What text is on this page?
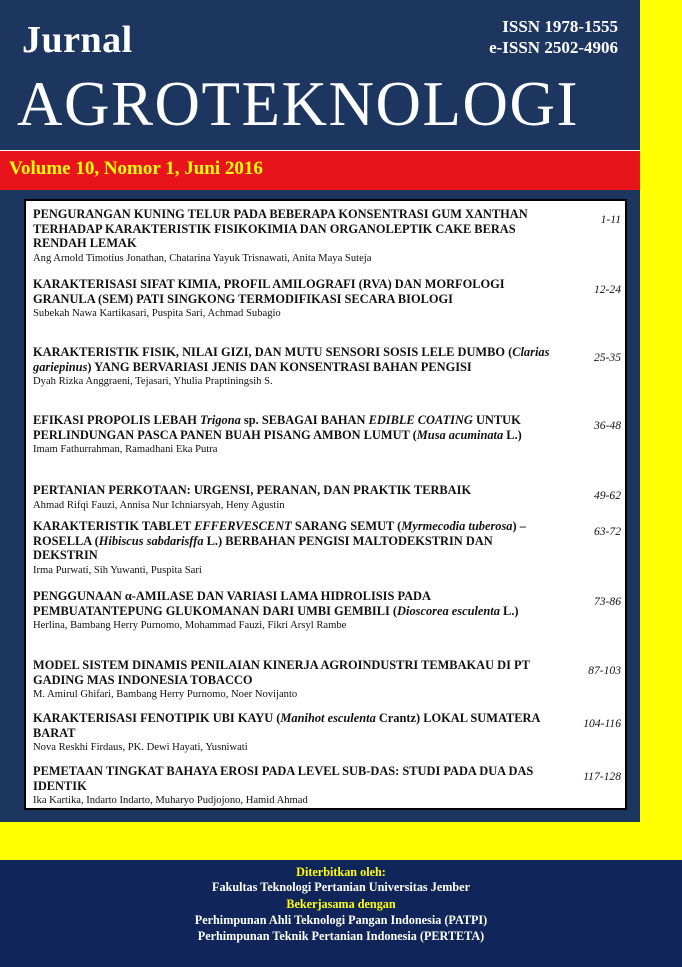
Jurnal
AGROTEKNOLOGI
ISSN 1978-1555
e-ISSN 2502-4906
Volume 10, Nomor 1, Juni 2016
PENGURANGAN KUNING TELUR PADA BEBERAPA KONSENTRASI GUM XANTHAN TERHADAP KARAKTERISTIK FISIKOKIMIA DAN ORGANOLEPTIK CAKE BERAS RENDAH LEMAK
Ang Arnold Timotius Jonathan, Chatarina Yayuk Trisnawati, Anita Maya Suteja
1-11
KARAKTERISASI SIFAT KIMIA, PROFIL AMILOGRAFI (RVA) DAN MORFOLOGI GRANULA (SEM) PATI SINGKONG TERMODIFIKASI SECARA BIOLOGI
Subekah Nawa Kartikasari, Puspita Sari, Achmad Subagio
12-24
KARAKTERISTIK FISIK, NILAI GIZI, DAN MUTU SENSORI SOSIS LELE DUMBO (Clarias gariepinus) YANG BERVARIASI JENIS DAN KONSENTRASI BAHAN PENGISI
Dyah Rizka Anggraeni, Tejasari, Yhulia Praptiningsih S.
25-35
EFIKASI PROPOLIS LEBAH Trigona sp. SEBAGAI BAHAN EDIBLE COATING UNTUK PERLINDUNGAN PASCA PANEN BUAH PISANG AMBON LUMUT (Musa acuminata L.)
Imam Fathurrahman, Ramadhani Eka Putra
36-48
PERTANIAN PERKOTAAN: URGENSI, PERANAN, DAN PRAKTIK TERBAIK
Ahmad Rifqi Fauzi, Annisa Nur Ichniarsyah, Heny Agustin
49-62
KARAKTERISTIK TABLET EFFERVESCENT SARANG SEMUT (Myrmecodia tuberosa) – ROSELLA (Hibiscus sabdarisffa L.) BERBAHAN PENGISI MALTODEKSTRIN DAN DEKSTRIN
Irma Purwati, Sih Yuwanti, Puspita Sari
63-72
PENGGUNAAN α-AMILASE DAN VARIASI LAMA HIDROLISIS PADA PEMBUATANTEPUNG GLUKOMANAN DARI UMBI GEMBILI (Dioscorea esculenta L.)
Herlina, Bambang Herry Purnomo, Mohammad Fauzi, Fikri Arsyl Rambe
73-86
MODEL SISTEM DINAMIS PENILAIAN KINERJA AGROINDUSTRI TEMBAKAU DI PT GADING MAS INDONESIA TOBACCO
M. Amirul Ghifari, Bambang Herry Purnomo, Noer Novijanto
87-103
KARAKTERISASI FENOTIPIK UBI KAYU (Manihot esculenta Crantz) LOKAL SUMATERA BARAT
Nova Reskhi Firdaus, PK. Dewi Hayati, Yusniwati
104-116
PEMETAAN TINGKAT BAHAYA EROSI PADA LEVEL SUB-DAS: STUDI PADA DUA DAS IDENTIK
Ika Kartika, Indarto Indarto, Muharyo Pudjojono, Hamid Ahmad
117-128
Diterbitkan oleh:
Fakultas Teknologi Pertanian Universitas Jember
Bekerjasama dengan
Perhimpunan Ahli Teknologi Pangan Indonesia (PATPI)
Perhimpunan Teknik Pertanian Indonesia (PERTETA)
